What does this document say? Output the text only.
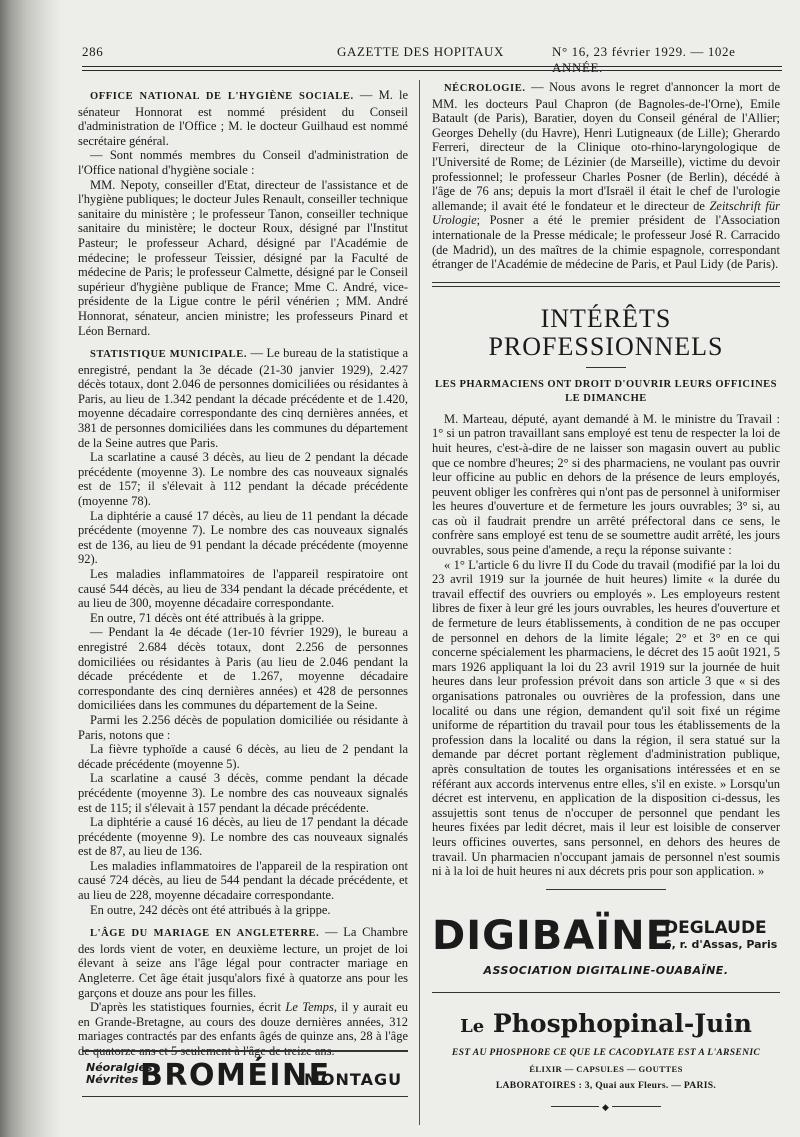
286	GAZETTE DES HOPITAUX	N° 16, 23 février 1929. — 102e ANNÉE.

OFFICE NATIONAL DE L'HYGIÈNE SOCIALE. — M. le sénateur Honnorat est nommé président du Conseil d'administration de l'Office ; M. le docteur Guilhaud est nommé secrétaire général.

— Sont nommés membres du Conseil d'administration de l'Office national d'hygiène sociale :

MM. Nepoty, conseiller d'Etat, directeur de l'assistance et de l'hygiène publiques; le docteur Jules Renault, conseiller technique sanitaire du ministère ; le professeur Tanon, conseiller technique sanitaire du ministère; le docteur Roux, désigné par l'Institut Pasteur; le professeur Achard, désigné par l'Académie de médecine; le professeur Teissier, désigné par la Faculté de médecine de Paris; le professeur Calmette, désigné par le Conseil supérieur d'hygiène publique de France; Mme C. André, vice-présidente de la Ligue contre le péril vénérien ; MM. André Honnorat, sénateur, ancien ministre; les professeurs Pinard et Léon Bernard.

STATISTIQUE MUNICIPALE. — Le bureau de la statistique a enregistré, pendant la 3e décade (21-30 janvier 1929), 2.427 décès totaux, dont 2.046 de personnes domiciliées ou résidantes à Paris, au lieu de 1.342 pendant la décade précédente et de 1.420, moyenne décadaire correspondante des cinq dernières années, et 381 de personnes domiciliées dans les communes du département de la Seine autres que Paris.

La scarlatine a causé 3 décès, au lieu de 2 pendant la décade précédente (moyenne 3). Le nombre des cas nouveaux signalés est de 157; il s'élevait à 112 pendant la décade précédente (moyenne 78).

La diphtérie a causé 17 décès, au lieu de 11 pendant la décade précédente (moyenne 7). Le nombre des cas nouveaux signalés est de 136, au lieu de 91 pendant la décade précédente (moyenne 92).

Les maladies inflammatoires de l'appareil respiratoire ont causé 544 décès, au lieu de 334 pendant la décade précédente, et au lieu de 300, moyenne décadaire correspondante.

En outre, 71 décès ont été attribués à la grippe.

— Pendant la 4e décade (1er-10 février 1929), le bureau a enregistré 2.684 décès totaux, dont 2.256 de personnes domiciliées ou résidantes à Paris (au lieu de 2.046 pendant la décade précédente et de 1.267, moyenne décadaire correspondante des cinq dernières années) et 428 de personnes domiciliées dans les communes du département de la Seine.

Parmi les 2.256 décès de population domiciliée ou résidante à Paris, notons que :

La fièvre typhoïde a causé 6 décès, au lieu de 2 pendant la décade précédente (moyenne 5).

La scarlatine a causé 3 décès, comme pendant la décade précédente (moyenne 3). Le nombre des cas nouveaux signalés est de 115; il s'élevait à 157 pendant la décade précédente.

La diphtérie a causé 16 décès, au lieu de 17 pendant la décade précédente (moyenne 9). Le nombre des cas nouveaux signalés est de 87, au lieu de 136.

Les maladies inflammatoires de l'appareil de la respiration ont causé 724 décès, au lieu de 544 pendant la décade précédente, et au lieu de 228, moyenne décadaire correspondante.

En outre, 242 décès ont été attribués à la grippe.

L'ÂGE DU MARIAGE EN ANGLETERRE. — La Chambre des lords vient de voter, en deuxième lecture, un projet de loi élevant à seize ans l'âge légal pour contracter mariage en Angleterre. Cet âge était jusqu'alors fixé à quatorze ans pour les garçons et douze ans pour les filles.

D'après les statistiques fournies, écrit Le Temps, il y aurait eu en Grande-Bretagne, au cours des douze dernières années, 312 mariages contractés par des enfants âgés de quinze ans, 28 à l'âge de quatorze ans et 5 seulement à l'âge de treize ans.

Néoralgies
Névrites BROMÉINE
MONTAGU

NÉCROLOGIE. — Nous avons le regret d'annoncer la mort de MM. les docteurs Paul Chapron (de Bagnoles-de-l'Orne), Emile Batault (de Paris), Baratier, doyen du Conseil général de l'Allier; Georges Dehelly (du Havre), Henri Lutigneaux (de Lille); Gherardo Ferreri, directeur de la Clinique oto-rhino-laryngologique de l'Université de Rome; de Lézinier (de Marseille), victime du devoir professionnel; le professeur Charles Posner (de Berlin), décédé à l'âge de 76 ans; depuis la mort d'Israël il était le chef de l'urologie allemande; il avait été le fondateur et le directeur de Zeitschrift für Urologie; Posner a été le premier président de l'Association internationale de la Presse médicale; le professeur José R. Carracido (de Madrid), un des maîtres de la chimie espagnole, correspondant étranger de l'Académie de médecine de Paris, et Paul Lidy (de Paris).

INTÉRÊTS PROFESSIONNELS
LES PHARMACIENS ONT DROIT D'OUVRIR LEURS OFFICINES
LE DIMANCHE

M. Marteau, député, ayant demandé à M. le ministre du Travail : 1° si un patron travaillant sans employé est tenu de respecter la loi de huit heures, c'est-à-dire de ne laisser son magasin ouvert au public que ce nombre d'heures; 2° si des pharmaciens, ne voulant pas ouvrir leur officine au public en dehors de la présence de leurs employés, peuvent obliger les confrères qui n'ont pas de personnel à uniformiser les heures d'ouverture et de fermeture les jours ouvrables; 3° si, au cas où il faudrait prendre un arrêté préfectoral dans ce sens, le confrère sans employé est tenu de se soumettre audit arrêté, les jours ouvrables, sous peine d'amende, a reçu la réponse suivante :

« 1° L'article 6 du livre II du Code du travail (modifié par la loi du 23 avril 1919 sur la journée de huit heures) limite « la durée du travail effectif des ouvriers ou employés ». Les employeurs restent libres de fixer à leur gré les jours ouvrables, les heures d'ouverture et de fermeture de leurs établissements, à condition de ne pas occuper de personnel en dehors de la limite légale; 2° et 3° en ce qui concerne spécialement les pharmaciens, le décret des 15 août 1921, 5 mars 1926 appliquant la loi du 23 avril 1919 sur la journée de huit heures dans leur profession prévoit dans son article 3 que « si des organisations patronales ou ouvrières de la profession, dans une localité ou dans une région, demandent qu'il soit fixé un régime uniforme de répartition du travail pour tous les établissements de la profession dans la localité ou dans la région, il sera statué sur la demande par décret portant règlement d'administration publique, après consultation de toutes les organisations intéressées et en se référant aux accords intervenus entre elles, s'il en existe. » Lorsqu'un décret est intervenu, en application de la disposition ci-dessus, les assujettis sont tenus de n'occuper de personnel que pendant les heures fixées par ledit décret, mais il leur est loisible de conserver leurs officines ouvertes, sans personnel, en dehors des heures de travail. Un pharmacien n'occupant jamais de personnel n'est soumis ni à la loi de huit heures ni aux décrets pris pour son application. »

DIGIBAÏNE
DEGLAUDE
6, r. d'Assas, Paris
ASSOCIATION DIGITALINE-OUABAÏNE.
Le Phosphopinal-Juin
EST AU PHOSPHORE CE QUE LE CACODYLATE EST A L'ARSENIC
ÉLIXIR — CAPSULES — GOUTTES
LABORATOIRES : 3, Quai aux Fleurs. — PARIS.
◆
